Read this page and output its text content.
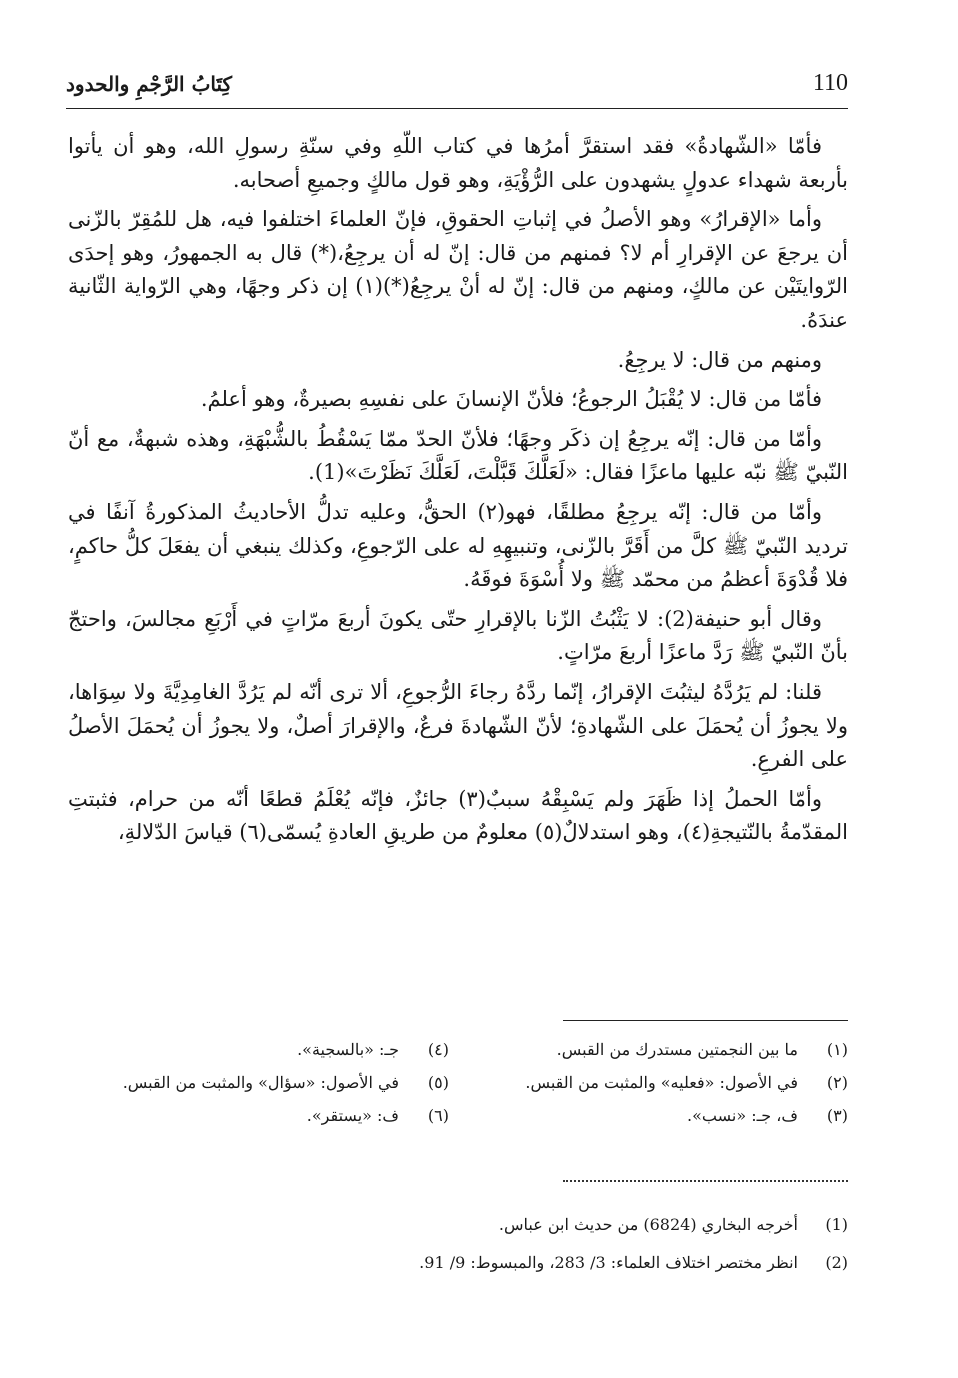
110
كِتَابُ الرَّجْمِ والحدود

فأمّا «الشّهادةُ» فقد استقرَّ أمرُها في كتاب اللّهِ وفي سنّةِ رسولِ الله، وهو أن يأتوا بأربعة شهداء عدولٍ يشهدون على الرُّؤْيَةِ، وهو قول مالكٍ وجميعِ أصحابه.

وأما «الإقرارُ» وهو الأصلُ في إثباتِ الحقوقِ، فإنّ العلماءَ اختلفوا فيه، هل للمُقِرّ بالزّنى أن يرجعَ عن الإقرارِ أم لا؟ فمنهم من قال: إنّ له أن يرجِعُ،(*) قال به الجمهورُ، وهو إحدَى الرّوايتَيْن عن مالكٍ، ومنهم من قال: إنّ له أنْ يرجِعُ(*)(١) إن ذكر وجهًا، وهي الرّواية الثّانية عندَهُ.

ومنهم من قال: لا يرجِعُ.

فأمّا من قال: لا يُقْبَلُ الرجوعُ؛ فلأنّ الإنسانَ على نفسِهِ بصيرةٌ، وهو أعلمُ.

وأمّا من قال: إنّه يرجِعُ إن ذكَر وجهًا؛ فلأنّ الحدّ ممّا يَسْقُطُ بالشُّبْهَةِ، وهذه شبهةٌ، مع أنّ النّبيّ ﷺ نبّه عليها ماعزًا فقال: «لَعَلَّكَ قَبَّلْتَ، لَعَلَّكَ نَظَرْتَ»(1).

وأمّا من قال: إنّه يرجِعُ مطلقًا، فهو(٢) الحقُّ، وعليه تدلُّ الأحاديثُ المذكورةُ آنفًا في ترديد النّبيّ ﷺ كلَّ من أَقَرَّ بالزّنى، وتنبيهِهِ له على الرّجوعِ، وكذلك ينبغي أن يفعَلَ كلُّ حاكمٍ، فلا قُدْوَةَ أعظمُ من محمّد ﷺ ولا أُسْوَةَ فوقَهُ.

وقال أبو حنيفة(2): لا يَثْبُتُ الزّنا بالإقرارِ حتّى يكونَ أربعَ مرّاتٍ في أَرْبَعِ مجالسَ، واحتجّ بأنّ النّبيّ ﷺ رَدَّ ماعزًا أربعَ مرّاتٍ.

قلنا: لم يَرُدَّهُ ليثبُتَ الإقرارُ، إنّما ردَّهُ رجاءَ الرُّجوعِ، ألا ترى أنّه لم يَرُدَّ الغامِدِيَّةَ ولا سِوَاها، ولا يجوزُ أن يُحمَلَ على الشّهادةِ؛ لأنّ الشّهادةَ فرعٌ، والإقرارَ أصلٌ، ولا يجوزُ أن يُحمَلَ الأصلُ على الفرعِ.

وأمّا الحملُ إذا ظَهَرَ ولم يَسْبِقْهُ سببٌ(٣) جائزٌ، فإنّه يُعْلَمُ قطعًا أنّه من حرام، فثبتتِ المقدّمةُ بالنّتيجةِ(٤)، وهو استدلالٌ(٥) معلومٌ من طريقِ العادةِ يُسمّى(٦) قياسَ الدّلالةِ،

(١)
ما بين النجمتين مستدرك من القبس.
(٤)
جـ: «بالسجية».
(٢)
في الأصول: «فعليه» والمثبت من القبس.
(٥)
في الأصول: «سؤال» والمثبت من القبس.
(٣)
ف، جـ: «نسب».
(٦)
ف: «يستقر».
(1)
أخرجه البخاري (6824) من حديث ابن عباس.
(2)
انظر مختصر اختلاف العلماء: 3/ 283، والمبسوط: 9/ 91.
